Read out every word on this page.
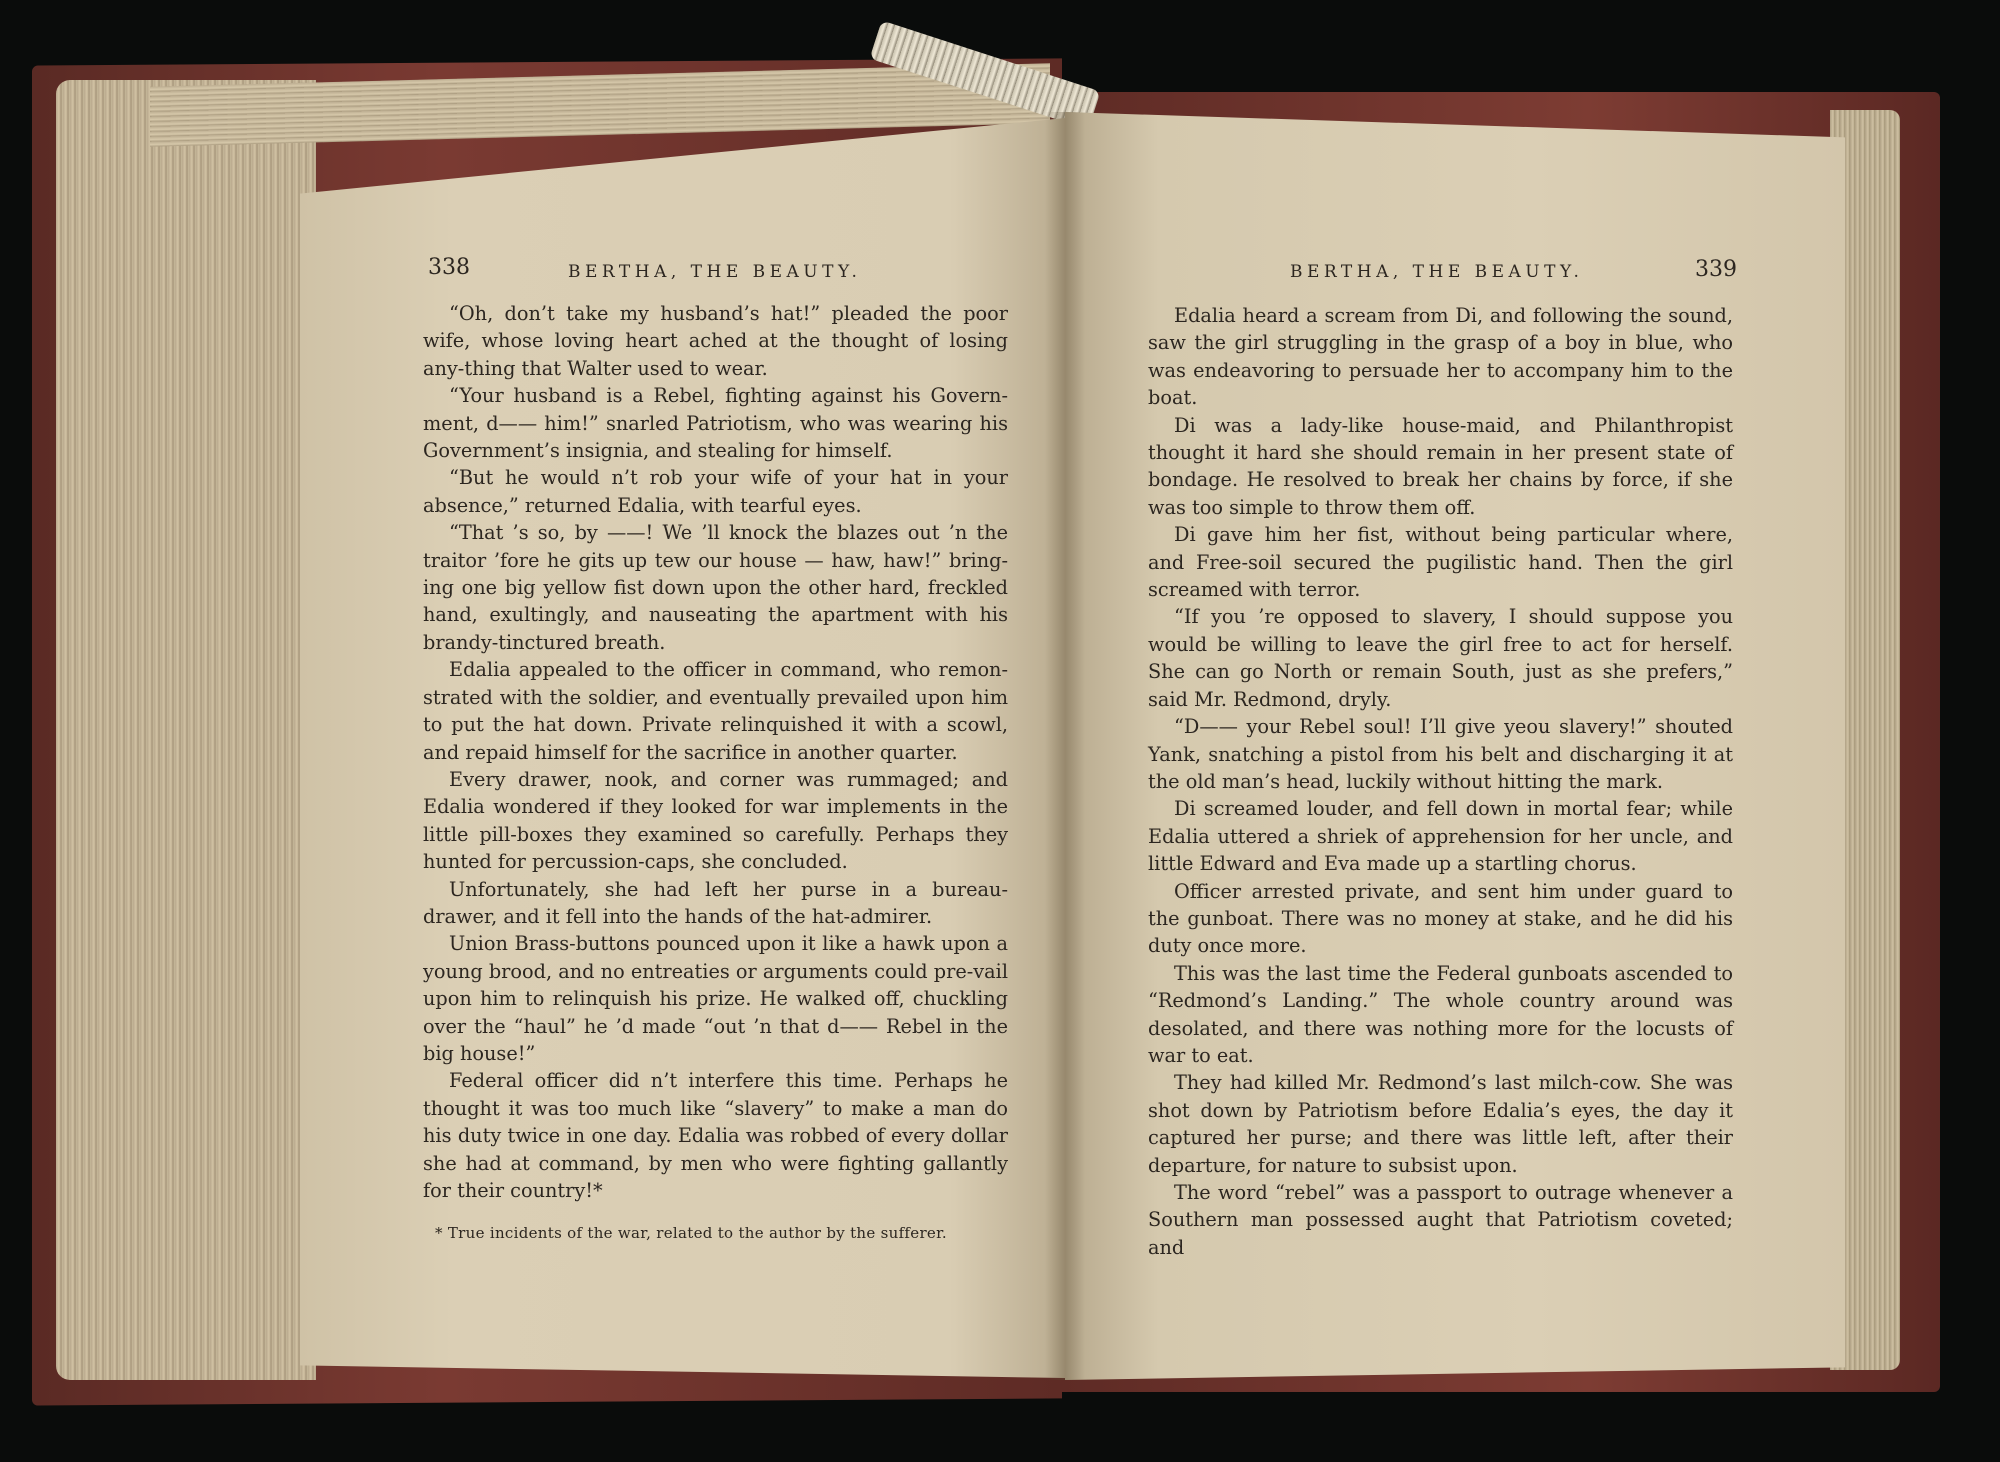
338	BERTHA, THE BEAUTY.

“Oh, don’t take my husband’s hat!” pleaded the poor wife, whose loving heart ached at the thought of losing any-thing that Walter used to wear.

“Your husband is a Rebel, fighting against his Govern-ment, d—— him!” snarled Patriotism, who was wearing his Government’s insignia, and stealing for himself.

“But he would n’t rob your wife of your hat in your absence,” returned Edalia, with tearful eyes.

“That ’s so, by ——! We ’ll knock the blazes out ’n the traitor ’fore he gits up tew our house — haw, haw!” bring-ing one big yellow fist down upon the other hard, freckled hand, exultingly, and nauseating the apartment with his brandy-tinctured breath.

Edalia appealed to the officer in command, who remon-strated with the soldier, and eventually prevailed upon him to put the hat down. Private relinquished it with a scowl, and repaid himself for the sacrifice in another quarter.

Every drawer, nook, and corner was rummaged; and Edalia wondered if they looked for war implements in the little pill-boxes they examined so carefully. Perhaps they hunted for percussion-caps, she concluded.

Unfortunately, she had left her purse in a bureau-drawer, and it fell into the hands of the hat-admirer.

Union Brass-buttons pounced upon it like a hawk upon a young brood, and no entreaties or arguments could pre-vail upon him to relinquish his prize. He walked off, chuckling over the “haul” he ’d made “out ’n that d—— Rebel in the big house!”

Federal officer did n’t interfere this time. Perhaps he thought it was too much like “slavery” to make a man do his duty twice in one day. Edalia was robbed of every dollar she had at command, by men who were fighting gallantly for their country!*

* True incidents of the war, related to the author by the sufferer.
BERTHA, THE BEAUTY.	339

Edalia heard a scream from Di, and following the sound, saw the girl struggling in the grasp of a boy in blue, who was endeavoring to persuade her to accompany him to the boat.

Di was a lady-like house-maid, and Philanthropist thought it hard she should remain in her present state of bondage. He resolved to break her chains by force, if she was too simple to throw them off.

Di gave him her fist, without being particular where, and Free-soil secured the pugilistic hand. Then the girl screamed with terror.

“If you ’re opposed to slavery, I should suppose you would be willing to leave the girl free to act for herself. She can go North or remain South, just as she prefers,” said Mr. Redmond, dryly.

“D—— your Rebel soul! I’ll give yeou slavery!” shouted Yank, snatching a pistol from his belt and discharging it at the old man’s head, luckily without hitting the mark.

Di screamed louder, and fell down in mortal fear; while Edalia uttered a shriek of apprehension for her uncle, and little Edward and Eva made up a startling chorus.

Officer arrested private, and sent him under guard to the gunboat. There was no money at stake, and he did his duty once more.

This was the last time the Federal gunboats ascended to “Redmond’s Landing.” The whole country around was desolated, and there was nothing more for the locusts of war to eat.

They had killed Mr. Redmond’s last milch-cow. She was shot down by Patriotism before Edalia’s eyes, the day it captured her purse; and there was little left, after their departure, for nature to subsist upon.

The word “rebel” was a passport to outrage whenever a Southern man possessed aught that Patriotism coveted; and
